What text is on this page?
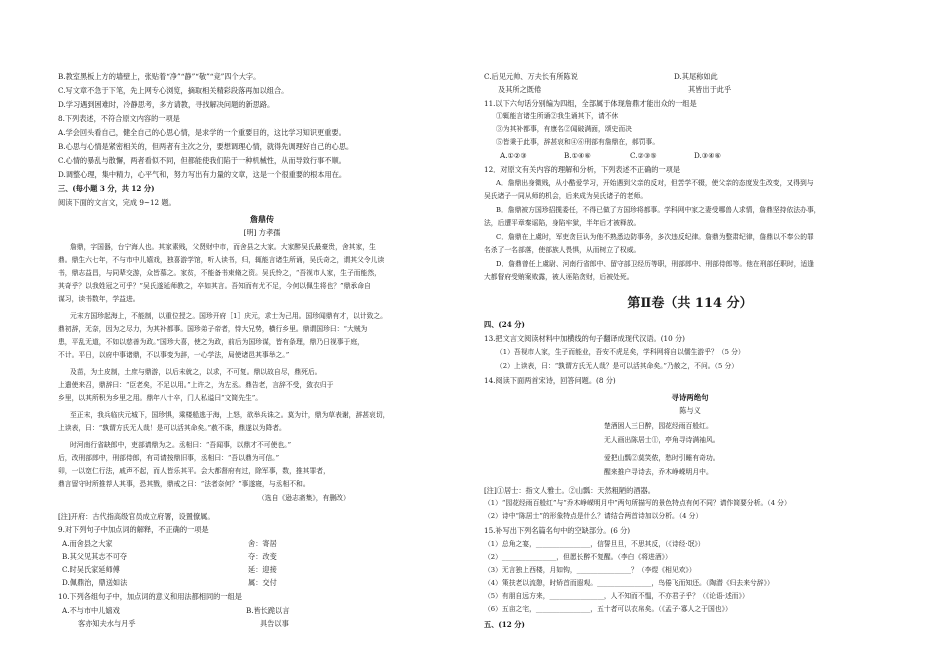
B.教室黑板上方的墙壁上，张贴着“净”“静”“敬”“竞”四个大字。
C.写文章不急于下笔，先上网专心浏览，摘取相关精彩段落再加以组合。
D.学习遇到困难时，冷静思考，多方请教，寻找解决问题的新思路。
8.下列表述，不符合原文内容的一项是
A.学会回头看自己，健全自己的心思心情，是求学的一个重要目的，这比学习知识更重要。
B.心思与心情是紧密相关的，但两者有主次之分，要想调理心情，就得先调理好自己的心思。
C.心情的暴乱与散懈，两者看似不同，但都能使我们陷于一种机械性，从而导致行事不顺。
D.调整心理，集中精力，心平气和，努力写出有力量的文章，这是一个很重要的根本用在。
三、(每小题 3 分，共 12 分)
阅读下面的文言文，完成 9~12 题。
詹鼎传
[明] 方孝孺
詹鼎，字国器，台宁海人也。其家素贱，父贤财中市，而舍县之大家。大家醉吴氏最豪贵，舍其家，生
鼎。鼎生六七年，不与市中儿嬉戏，独喜游学馆，听人读书，归，辄能言诸生所诵，吴氏奇之，谓其父令儿读
书，鼎志益昌，与同辈交游，众皆慕之。家贫，不能备书束脩之资。吴氏怜之，“吾视市人家，生子而能然，
其奇乎？以我姓冠之可乎？”吴氏遂延师教之，卒如其言。吾知而有尤不足，今何以佩生将也？”鼎承命自
谋习，读书数年，学益进。
元末方国珍起海上，不能制，以重位授之。国珍开府［1］庆元，求士为己用。国珍闻鼎有才，以计致之。
鼎初辞，无奈，因为之尽力，为其补都事。国珍弟子帝者，恃大兄势，横行乡里。鼎谓国珍曰：“大贼为
患，平乱无道，不如以慈善为政。”国珍大喜，使之为政，前后为国珍谋，皆有条理，鼎乃日视事于庭，
不计。平日，以府中事诸鼎，不以事变为辞，一心学法，局使诸邑其事举之。”
及苗，为土皮制，土庶与鼎游，以后未就之，以求，不可复。鼎以故自尽，鼎死后。
上遣使来召，鼎辞曰：“臣老矣，不足以用。”上许之，为左丞。鼎告老，言辞不受，敛衣归于
乡里，以其所积为乡里之用。鼎年八十卒，门人私谥曰“文简先生”。
至正末，我兵临庆元城下，国珍惧，乘楼船逃于海，上怒，欲举兵诛之。莫为计，鼎为草表谢，辞甚哀切，
上读表，曰：“孰谓方氏无人哉！是可以活其命矣。”赦不诛，鼎遂以为降者。
时河南行省缺郎中，吏部请鼎为之。丞相曰：“吾闻事，以鼎才不可使也。”
后，改刑部郎中，刑部侍郎，有司请按鼎旧事，丞相曰：“吾以鼎为可信。”
卯，一以宽仁行法，戚声不起，而人皆乐其平。会大都督府有过，除军事，数，推其罪者，
鼎言留守时所推荐人其事，恐其戮，鼎戒之曰：“法者奈何？”事遂寝，与丞相不和。
（选自《逊志斋集》，有删改）
[注]开府：古代指高级官员成立府署，设置僚属。
9.对下列句子中加点词的解释，不正确的一项是
A.而舍县之大家	舍：寄居
B.其父见其志不可夺	夺：改变
C.时吴氏家延师傅	延：迎接
D.佩鼎治，鼎送如法	属：交付
10.下列各组句子中，加点词的意义和用法都相同的一组是
A.不与市中儿嬉戏	B.皆长跪以言
客亦知夫水与月乎	具告以事
C.后见元帅、万夫长有所陈说	D.其尾称如此
及其所之既倦	其皆出于此乎
11.以下六句话分别编为四组，全部属于体现詹鼎才能出众的一组是
①辄能言诸生所诵②我生诵其下，请不休
③为其补都事，有康名②闻破满面，颂史而决
⑤皆秉于此事，辞甚哀和④⑥刑部有詹鼎在，郝罚事。
A.①②③	B.①④⑥	C.②③⑤	D.③④⑥
12．对原文有关内容的理解和分析，下列表述不正确的一项是
A．詹鼎出身微贱，从小酷爱学习，开始遇到父亲的反对，但苦学不辍，使父亲的态度发生改变，又得到与
吴氏诸子一同从师的机会，后来成为吴氏诸子的老师。
B．詹鼎被方国珍招揽委任，不得已做了方国珍将都事。学科网中家之妻受哪兽人求情，詹鼎坚持依法办事，
法，后遭平章秦谣陷，身陷牢狱，半年后才被释放。
C．詹鼎在上虞时，军吏贪巨认为他不熟悉边防事务，多次违反纪律。詹鼎为整肃纪律，詹鼎以不奉公的罪
名杀了一名部落，使部族人畏惧，从而树立了权威。
D．詹鼎曾任上虞尉、河南行省郎中、留守部卫经历等职，刑部郎中、刑部侍郎等。他在刑部任职时，适逢
大都督府受贿案败露，被人诬陷贪财，后被处死。
第Ⅱ卷（共 114 分）
四、(24 分)
13.把文言文阅读材料中加横线的句子翻译成现代汉语。(10 分)
（1）吾视市人家，生子而能业，吾安不虎足矣，学科网将自以儒生游乎？（5 分）
（2）上读表，曰：“孰谓方氏无人哉？是可以活其命矣。”乃赦之，不问。（5 分）
14.阅读下面两首宋诗，回答问题。(8 分)
寻诗两绝句
陈与义
楚酒困人三日醉，园花经雨百般红。
无人画出陈居士①，亭角寻诗满袖风。
爱把山瓢②莫笑侬，愁时引睡有奇功。
醒来推户寻诗去，乔木峥嵘明月中。
[注]①居士：指文人雅士。②山瓢：天然粗陋的酒器。
（1）“园花经雨百般红”与“乔木峥嵘明月中”两句所描写的景色特点有何不同？请作简要分析。（4 分）
（2）诗中“陈居士”的形象特点是什么？请结合两首诗加以分析。（4 分）
15.补写出下列名篇名句中的空缺部分。(6 分)
（1）总角之宴，________________，信誓旦旦，不思其反，（《诗经·氓》）
（2）________________，但愿长醉不复醒。（李白《将进酒》）
（3）无言独上西楼，月如钩，________________？（李煜《相见欢》）
（4）策扶老以流憩，时矫首而遐观。________________，鸟倦飞而知还。（陶潜《归去来兮辞》）
（5）有朋自远方来，________________，人不知而不愠，不亦君子乎？（《论语·述而》）
（6）五亩之宅，________________，五十者可以衣帛矣。（《孟子·寡人之于国也》）
五、(12 分)
